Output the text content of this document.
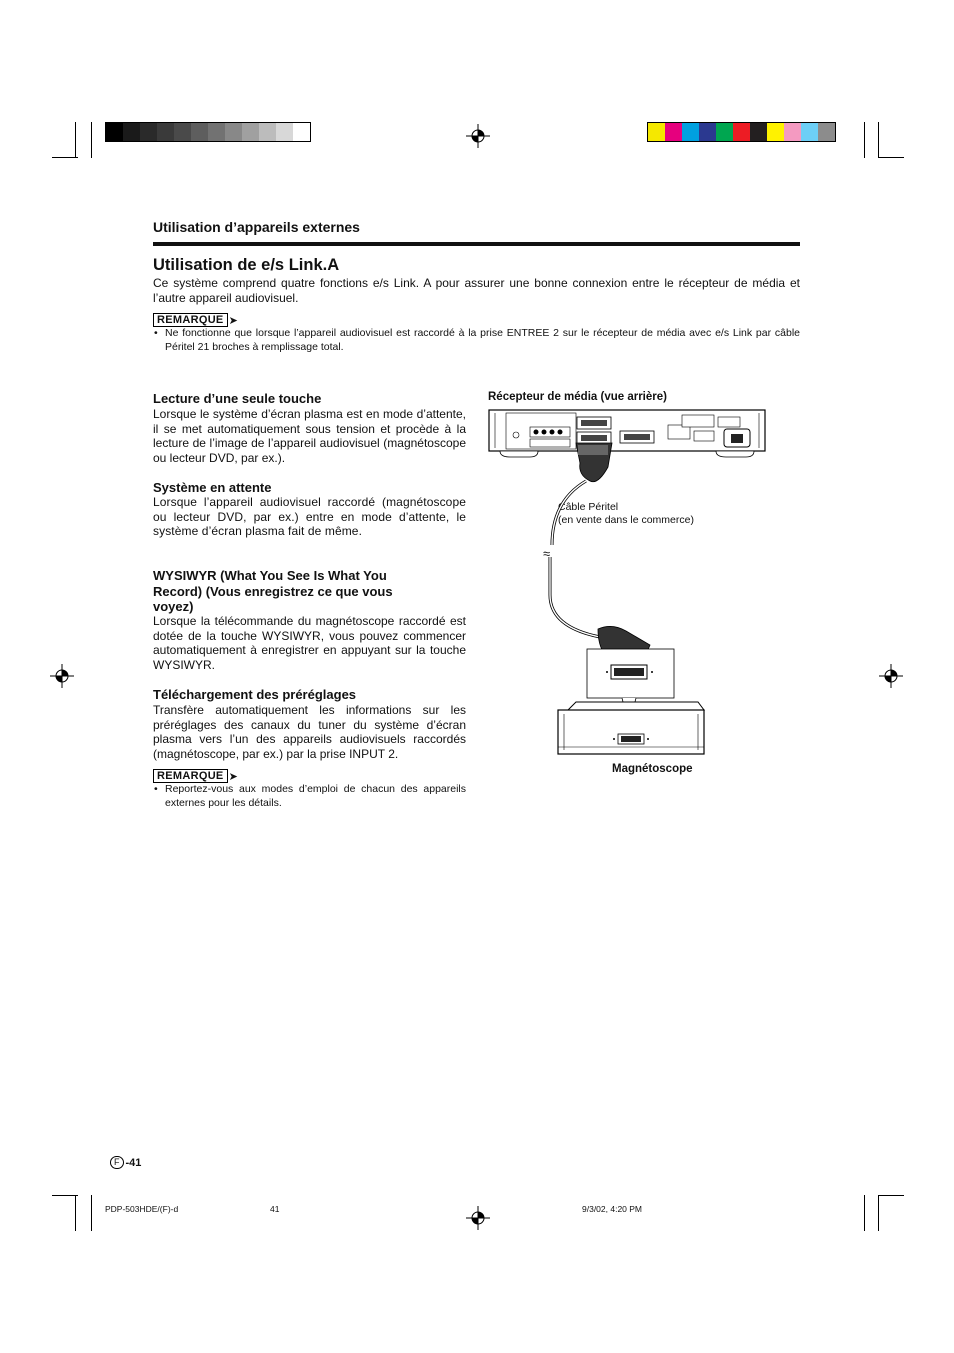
Utilisation d’appareils externes
Utilisation de e/s Link.A
Ce système comprend quatre fonctions e/s Link. A pour assurer une bonne connexion entre le récepteur de média et l’autre appareil audiovisuel.
REMARQUE ➤
• Ne fonctionne que lorsque l’appareil audiovisuel est raccordé à la prise ENTREE 2 sur le récepteur de média avec e/s Link par câble Péritel 21 broches à remplissage total.
Lecture d’une seule touche
Lorsque le système d’écran plasma est en mode d’attente, il se met automatiquement sous tension et procède à la lecture de l’image de l’appareil audiovisuel (magnétoscope ou lecteur DVD, par ex.).
Système en attente
Lorsque l’appareil audiovisuel raccordé (magnétoscope ou lecteur DVD, par ex.) entre en mode d’attente, le système d’écran plasma fait de même.
WYSIWYR (What You See Is What You Record) (Vous enregistrez ce que vous voyez)
Lorsque la télécommande du magnétoscope raccordé est dotée de la touche WYSIWYR, vous pouvez commencer automatiquement à enregistrer en appuyant sur la touche WYSIWYR.
Téléchargement des préréglages
Transfère automatiquement les informations sur les préréglages des canaux du tuner du système d’écran plasma vers l’un des appareils audiovisuels raccordés (magnétoscope, par ex.) par la prise INPUT 2.
REMARQUE ➤
• Reportez-vous aux modes d’emploi de chacun des appareils externes pour les détails.
Récepteur de média (vue arrière)
Câble Péritel
(en vente dans le commerce)
Magnétoscope
≈
F -41
PDP-503HDE/(F)-d	41	9/3/02, 4:20 PM
